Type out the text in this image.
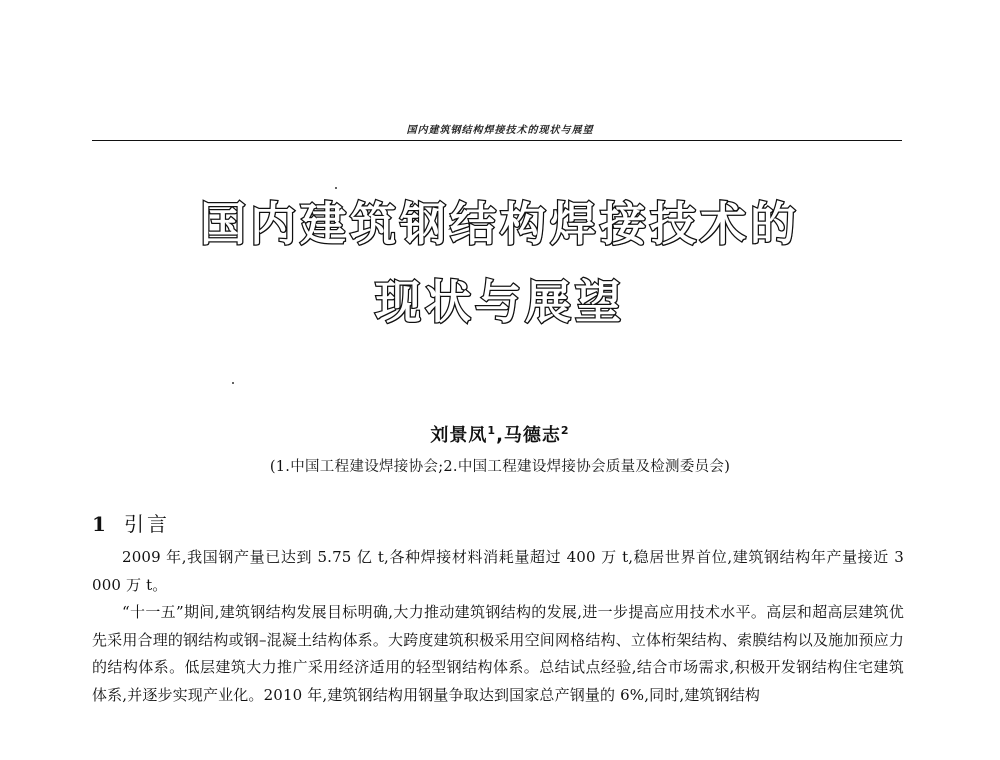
国内建筑钢结构焊接技术的现状与展望
国内建筑钢结构焊接技术的
现状与展望
刘景凤$^1$,马德志$^2$
(1.中国工程建设焊接协会;2.中国工程建设焊接协会质量及检测委员会)
1 引言

2009 年,我国钢产量已达到 5.75 亿 t,各种焊接材料消耗量超过 400 万 t,稳居世界首位,建筑钢结构年产量接近 3 000 万 t。

“十一五”期间,建筑钢结构发展目标明确,大力推动建筑钢结构的发展,进一步提高应用技术水平。高层和超高层建筑优先采用合理的钢结构或钢–混凝土结构体系。大跨度建筑积极采用空间网格结构、立体桁架结构、索膜结构以及施加预应力的结构体系。低层建筑大力推广采用经济适用的轻型钢结构体系。总结试点经验,结合市场需求,积极开发钢结构住宅建筑体系,并逐步实现产业化。2010 年,建筑钢结构用钢量争取达到国家总产钢量的 6%,同时,建筑钢结构
